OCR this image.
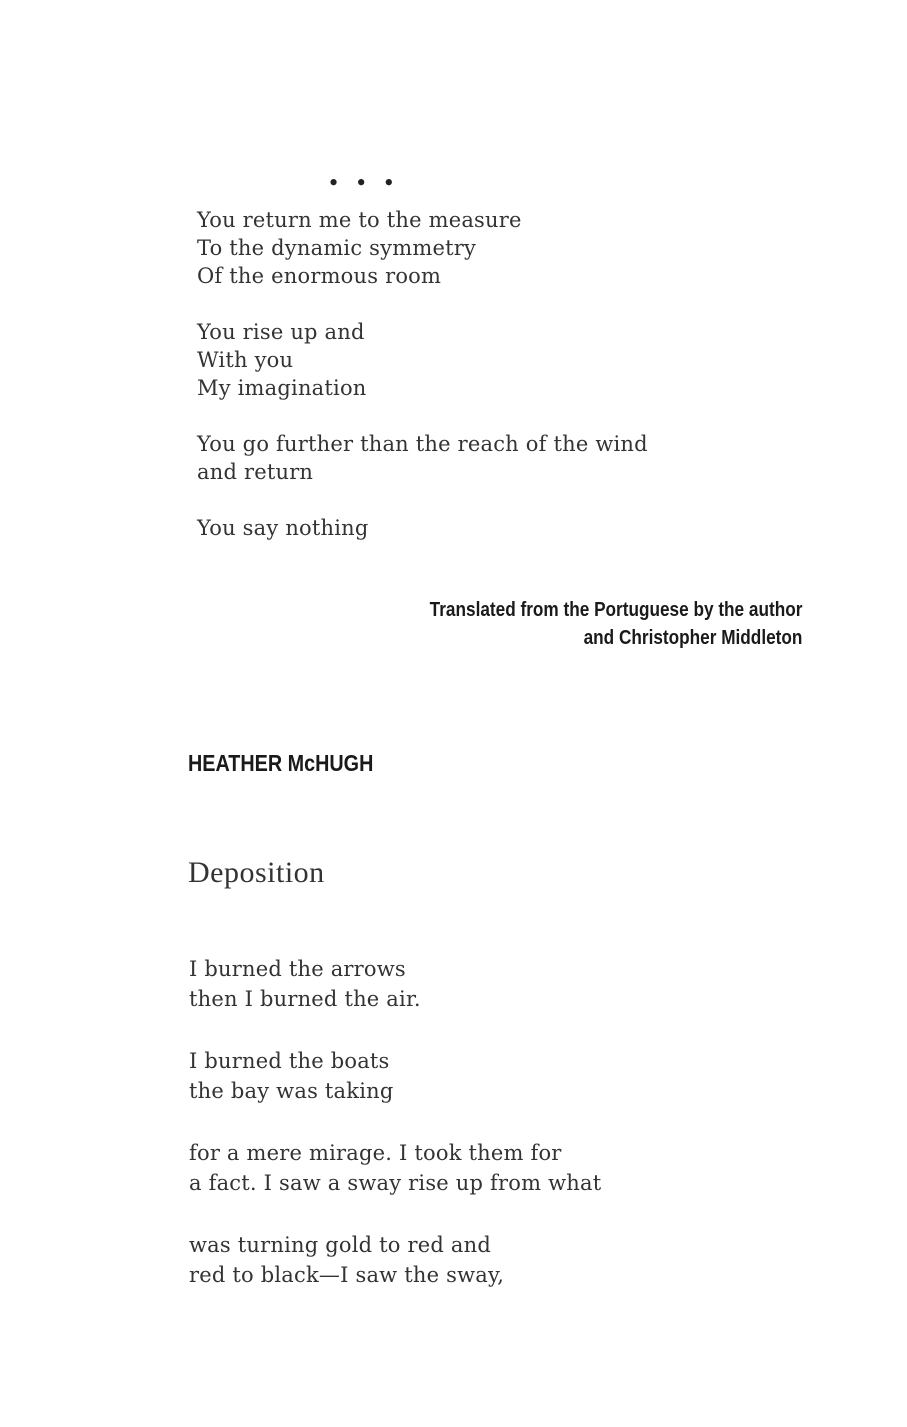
• • •
You return me to the measure
To the dynamic symmetry
Of the enormous room
You rise up and
With you
My imagination
You go further than the reach of the wind
and return
You say nothing
Translated from the Portuguese by the author
and Christopher Middleton
HEATHER McHUGH
Deposition
I burned the arrows
then I burned the air.
I burned the boats
the bay was taking
for a mere mirage. I took them for
a fact. I saw a sway rise up from what
was turning gold to red and
red to black—I saw the sway,
